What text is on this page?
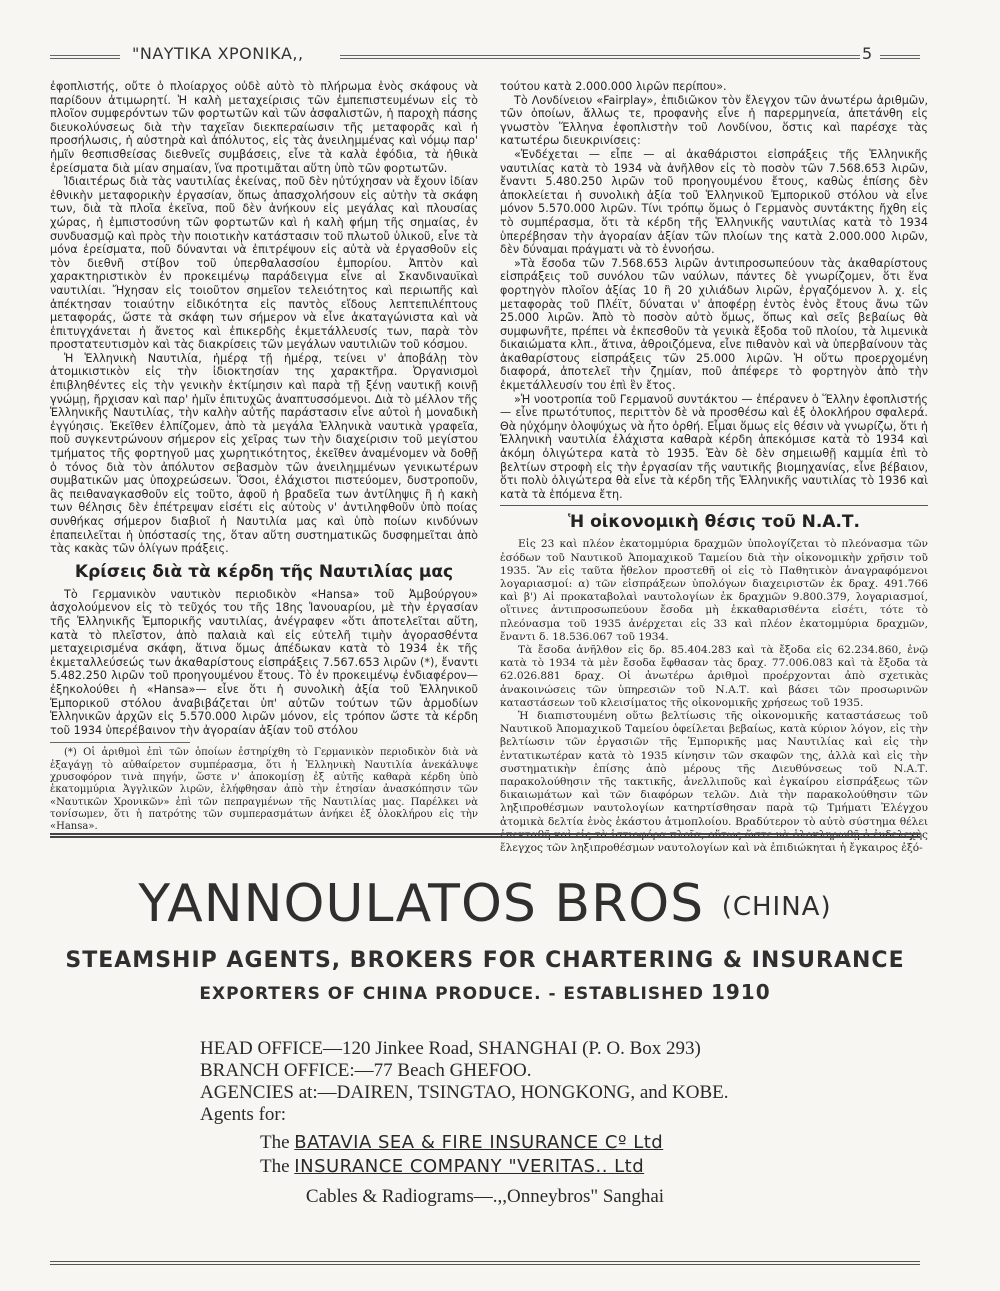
"ΝΑΥΤΙΚΑ ΧΡΟΝΙΚΑ,,	5

ἐφοπλιστής, οὔτε ὁ πλοίαρχος οὐδὲ αὐτὸ τὸ πλήρωμα ἑνὸς σκάφους νὰ παρίδουν ἀτιμωρητί. Ἡ καλὴ μεταχείρισις τῶν ἐμπεπιστευμένων εἰς τὸ πλοῖον συμφερόντων τῶν φορτωτῶν καὶ τῶν ἀσφαλιστῶν, ἡ παροχὴ πάσης διευκολύνσεως διὰ τὴν ταχεῖαν διεκπεραίωσιν τῆς μεταφορᾶς καὶ ἡ προσήλωσις, ἡ αὐστηρὰ καὶ ἀπόλυτος, εἰς τὰς ἀνειλημμένας καὶ νόμῳ παρ' ἡμῖν θεσπισθείσας διεθνεῖς συμβάσεις, εἶνε τὰ καλὰ ἐφόδια, τὰ ἠθικὰ ἐρείσματα διὰ μίαν σημαίαν, ἵνα προτιμᾶται αὕτη ὑπὸ τῶν φορτωτῶν.

Ἰδιαιτέρως διὰ τὰς ναυτιλίας ἐκείνας, ποῦ δὲν ηὐτύχησαν νὰ ἔχουν ἰδίαν ἐθνικὴν μεταφορικὴν ἐργασίαν, ὅπως ἀπασχολήσουν εἰς αὐτὴν τὰ σκάφη των, διὰ τὰ πλοῖα ἐκεῖνα, ποῦ δὲν ἀνήκουν εἰς μεγάλας καὶ πλουσίας χώρας, ἡ ἐμπιστοσύνη τῶν φορτωτῶν καὶ ἡ καλὴ φήμη τῆς σημαίας, ἐν συνδυασμῷ καὶ πρὸς τὴν ποιοτικὴν κατάστασιν τοῦ πλωτοῦ ὑλικοῦ, εἶνε τὰ μόνα ἐρείσματα, ποῦ δύνανται νὰ ἐπιτρέψουν εἰς αὐτὰ νὰ ἐργασθοῦν εἰς τὸν διεθνῆ στίβον τοῦ ὑπερθαλασσίου ἐμπορίου. Ἀπτὸν καὶ χαρακτηριστικὸν ἐν προκειμένῳ παράδειγμα εἶνε αἱ Σκανδιναυϊκαὶ ναυτιλίαι. Ἤχησαν εἰς τοιοῦτον σημεῖον τελειότητος καὶ περιωπῆς καὶ ἀπέκτησαν τοιαύτην εἰδικότητα εἰς παντὸς εἴδους λεπτεπιλέπτους μεταφοράς, ὥστε τὰ σκάφη των σήμερον νὰ εἶνε ἀκαταγώνιστα καὶ νὰ ἐπιτυγχάνεται ἡ ἄνετος καὶ ἐπικερδὴς ἐκμετάλλευσίς των, παρὰ τὸν προστατευτισμὸν καὶ τὰς διακρίσεις τῶν μεγάλων ναυτιλιῶν τοῦ κόσμου.

Ἡ Ἑλληνικὴ Ναυτιλία, ἡμέρᾳ τῇ ἡμέρᾳ, τείνει ν' ἀποβάλῃ τὸν ἀτομικιστικὸν εἰς τὴν ἰδιοκτησίαν της χαρακτῆρα. Ὀργανισμοὶ ἐπιβληθέντες εἰς τὴν γενικὴν ἐκτίμησιν καὶ παρὰ τῇ ξένῃ ναυτικῇ κοινῇ γνώμῃ, ἤρχισαν καὶ παρ' ἡμῖν ἐπιτυχῶς ἀναπτυσσόμενοι. Διὰ τὸ μέλλον τῆς Ἑλληνικῆς Ναυτιλίας, τὴν καλὴν αὐτῆς παράστασιν εἶνε αὐτοὶ ἡ μοναδικὴ ἐγγύησις. Ἐκεῖθεν ἐλπίζομεν, ἀπὸ τὰ μεγάλα Ἑλληνικὰ ναυτικὰ γραφεῖα, ποῦ συγκεντρώνουν σήμερον εἰς χεῖρας των τὴν διαχείρισιν τοῦ μεγίστου τμήματος τῆς φορτηγοῦ μας χωρητικότητος, ἐκεῖθεν ἀναμένομεν νὰ δοθῇ ὁ τόνος διὰ τὸν ἀπόλυτον σεβασμὸν τῶν ἀνειλημμένων γενικωτέρων συμβατικῶν μας ὑποχρεώσεων. Ὅσοι, ἐλάχιστοι πιστεύομεν, δυστροποῦν, ἂς πειθαναγκασθοῦν εἰς τοῦτο, ἀφοῦ ἡ βραδεῖα των ἀντίληψις ἢ ἡ κακὴ των θέλησις δὲν ἐπέτρεψαν εἰσέτι εἰς αὐτοὺς ν' ἀντιληφθοῦν ὑπὸ ποίας συνθήκας σήμερον διαβιοῖ ἡ Ναυτιλία μας καὶ ὑπὸ ποίων κινδύνων ἐπαπειλεῖται ἡ ὑπόστασίς της, ὅταν αὕτη συστηματικῶς δυσφημεῖται ἀπὸ τὰς κακὰς τῶν ὀλίγων πράξεις.

Κρίσεις διὰ τὰ κέρδη τῆς Ναυτιλίας μας

Τὸ Γερμανικὸν ναυτικὸν περιοδικὸν «Hansa» τοῦ Ἀμβούργου» ἀσχολούμενον εἰς τὸ τεῦχός του τῆς 18ης Ἰανουαρίου, μὲ τὴν ἐργασίαν τῆς Ἑλληνικῆς Ἐμπορικῆς ναυτιλίας, ἀνέγραφεν «ὅτι ἀποτελεῖται αὕτη, κατὰ τὸ πλεῖστον, ἀπὸ παλαιὰ καὶ εἰς εὐτελῆ τιμὴν ἀγορασθέντα μεταχειρισμένα σκάφη, ἅτινα ὅμως ἀπέδωκαν κατὰ τὸ 1934 ἐκ τῆς ἐκμεταλλεύσεώς των ἀκαθαρίστους εἰσπράξεις 7.567.653 λιρῶν (*), ἔναντι 5.482.250 λιρῶν τοῦ προηγουμένου ἔτους. Τὸ ἐν προκειμένῳ ἐνδιαφέρον— ἐξηκολούθει ἡ «Hansa»— εἶνε ὅτι ἡ συνολικὴ ἀξία τοῦ Ἑλληνικοῦ Ἐμπορικοῦ στόλου ἀναβιβάζεται ὑπ' αὐτῶν τούτων τῶν ἁρμοδίων Ἑλληνικῶν ἀρχῶν εἰς 5.570.000 λιρῶν μόνον, εἰς τρόπον ὥστε τὰ κέρδη τοῦ 1934 ὑπερέβαινον τὴν ἀγοραίαν ἀξίαν τοῦ στόλου

(*) Οἱ ἀριθμοὶ ἐπὶ τῶν ὁποίων ἐστηρίχθη τὸ Γερμανικὸν περιοδικὸν διὰ νὰ ἐξαγάγῃ τὸ αὐθαίρετον συμπέρασμα, ὅτι ἡ Ἑλληνικὴ Ναυτιλία ἀνεκάλυψε χρυσοφόρον τινὰ πηγήν, ὥστε ν' ἀποκομίσῃ ἐξ αὐτῆς καθαρὰ κέρδη ὑπὸ ἑκατομμύρια Ἀγγλικῶν λιρῶν, ἐλήφθησαν ἀπὸ τὴν ἐτησίαν ἀνασκόπησιν τῶν «Ναυτικῶν Χρονικῶν» ἐπὶ τῶν πεπραγμένων τῆς Ναυτιλίας μας. Παρέλκει νὰ τονίσωμεν, ὅτι ἡ πατρότης τῶν συμπερασμάτων ἀνήκει ἐξ ὁλοκλήρου εἰς τὴν «Hansa».

τούτου κατὰ 2.000.000 λιρῶν περίπου».

Τὸ Λονδίνειον «Fairplay», ἐπιδιῶκον τὸν ἔλεγχον τῶν ἀνωτέρω ἀριθμῶν, τῶν ὁποίων, ἄλλως τε, προφανὴς εἶνε ἡ παρερμηνεία, ἀπετάνθη εἰς γνωστὸν Ἕλληνα ἐφοπλιστὴν τοῦ Λονδίνου, ὅστις καὶ παρέσχε τὰς κατωτέρω διευκρινίσεις:

«Ἐνδέχεται — εἶπε — αἱ ἀκαθάριστοι εἰσπράξεις τῆς Ἑλληνικῆς ναυτιλίας κατὰ τὸ 1934 νὰ ἀνῆλθον εἰς τὸ ποσὸν τῶν 7.568.653 λιρῶν, ἔναντι 5.480.250 λιρῶν τοῦ προηγουμένου ἔτους, καθὼς ἐπίσης δὲν ἀποκλείεται ἡ συνολικὴ ἀξία τοῦ Ἑλληνικοῦ Ἐμπορικοῦ στόλου νὰ εἶνε μόνον 5.570.000 λιρῶν. Τίνι τρόπῳ ὅμως ὁ Γερμανὸς συντάκτης ἤχθη εἰς τὸ συμπέρασμα, ὅτι τὰ κέρδη τῆς Ἑλληνικῆς ναυτιλίας κατὰ τὸ 1934 ὑπερέβησαν τὴν ἀγοραίαν ἀξίαν τῶν πλοίων της κατὰ 2.000.000 λιρῶν, δὲν δύναμαι πράγματι νὰ τὸ ἐννοήσω.

»Τὰ ἔσοδα τῶν 7.568.653 λιρῶν ἀντιπροσωπεύουν τὰς ἀκαθαρίστους εἰσπράξεις τοῦ συνόλου τῶν ναύλων, πάντες δὲ γνωρίζομεν, ὅτι ἕνα φορτηγὸν πλοῖον ἀξίας 10 ἢ 20 χιλιάδων λιρῶν, ἐργαζόμενον λ. χ. εἰς μεταφορὰς τοῦ Πλέϊτ, δύναται ν' ἀποφέρῃ ἐντὸς ἑνὸς ἔτους ἄνω τῶν 25.000 λιρῶν. Ἀπὸ τὸ ποσὸν αὐτὸ ὅμως, ὅπως καὶ σεῖς βεβαίως θὰ συμφωνῆτε, πρέπει νὰ ἐκπεσθοῦν τὰ γενικὰ ἔξοδα τοῦ πλοίου, τὰ λιμενικὰ δικαιώματα κλπ., ἅτινα, ἀθροιζόμενα, εἶνε πιθανὸν καὶ νὰ ὑπερβαίνουν τὰς ἀκαθαρίστους εἰσπράξεις τῶν 25.000 λιρῶν. Ἡ οὕτω προερχομένη διαφορά, ἀποτελεῖ τὴν ζημίαν, ποῦ ἀπέφερε τὸ φορτηγὸν ἀπὸ τὴν ἐκμετάλλευσίν του ἐπὶ ἓν ἔτος.

»Ἡ νοοτροπία τοῦ Γερμανοῦ συντάκτου — ἐπέρανεν ὁ Ἕλλην ἐφοπλιστής— εἶνε πρωτότυπος, περιττὸν δὲ νὰ προσθέσω καὶ ἐξ ὁλοκλήρου σφαλερά. Θὰ ηὐχόμην ὁλοψύχως νὰ ἦτο ὀρθή. Εἶμαι ὅμως εἰς θέσιν νὰ γνωρίζω, ὅτι ἡ Ἑλληνικὴ ναυτιλία ἐλάχιστα καθαρὰ κέρδη ἀπεκόμισε κατὰ τὸ 1934 καὶ ἀκόμη ὀλιγώτερα κατὰ τὸ 1935. Ἐὰν δὲ δὲν σημειωθῇ καμμία ἐπὶ τὸ βελτίων στροφὴ εἰς τὴν ἐργασίαν τῆς ναυτικῆς βιομηχανίας, εἶνε βέβαιον, ὅτι πολὺ ὀλιγώτερα θὰ εἶνε τὰ κέρδη τῆς Ἑλληνικῆς ναυτιλίας τὸ 1936 καὶ κατὰ τὰ ἑπόμενα ἔτη.

Ἡ οἰκονομικὴ θέσις τοῦ Ν.Α.Τ.

Εἰς 23 καὶ πλέον ἑκατομμύρια δραχμῶν ὑπολογίζεται τὸ πλεόνασμα τῶν ἐσόδων τοῦ Ναυτικοῦ Ἀπομαχικοῦ Ταμείου διὰ τὴν οἰκονομικὴν χρῆσιν τοῦ 1935. Ἂν εἰς ταῦτα ἤθελον προστεθῆ οἱ εἰς τὸ Παθητικὸν ἀναγραφόμενοι λογαριασμοί: α) τῶν εἰσπράξεων ὑπολόγων διαχειριστῶν ἐκ δραχ. 491.766 καὶ β') Αἱ προκαταβολαὶ ναυτολογίων ἐκ δραχμῶν 9.800.379, λογαριασμοί, οἵτινες ἀντιπροσωπεύουν ἔσοδα μὴ ἐκκαθαρισθέντα εἰσέτι, τότε τὸ πλεόνασμα τοῦ 1935 ἀνέρχεται εἰς 33 καὶ πλέον ἑκατομμύρια δραχμῶν, ἔναντι δ. 18.536.067 τοῦ 1934.

Τὰ ἔσοδα ἀνῆλθον εἰς δρ. 85.404.283 καὶ τὰ ἔξοδα εἰς 62.234.860, ἐνῷ κατὰ τὸ 1934 τὰ μὲν ἔσοδα ἔφθασαν τὰς δραχ. 77.006.083 καὶ τὰ ἔξοδα τὰ 62.026.881 δραχ. Οἱ ἀνωτέρω ἀριθμοὶ προέρχονται ἀπὸ σχετικὰς ἀνακοινώσεις τῶν ὑπηρεσιῶν τοῦ Ν.Α.Τ. καὶ βάσει τῶν προσωρινῶν καταστάσεων τοῦ κλεισίματος τῆς οἰκονομικῆς χρήσεως τοῦ 1935.

Ἡ διαπιστουμένη οὕτω βελτίωσις τῆς οἰκονομικῆς καταστάσεως τοῦ Ναυτικοῦ Ἀπομαχικοῦ Ταμείου ὀφείλεται βεβαίως, κατὰ κύριον λόγον, εἰς τὴν βελτίωσιν τῶν ἐργασιῶν τῆς Ἐμπορικῆς μας Ναυτιλίας καὶ εἰς τὴν ἐντατικωτέραν κατὰ τὸ 1935 κίνησιν τῶν σκαφῶν της, ἀλλὰ καὶ εἰς τὴν συστηματικὴν ἐπίσης ἀπὸ μέρους τῆς Διευθύνσεως τοῦ Ν.Α.Τ. παρακολούθησιν τῆς τακτικῆς, ἀνελλιποῦς καὶ ἐγκαίρου εἰσπράξεως τῶν δικαιωμάτων καὶ τῶν διαφόρων τελῶν. Διὰ τὴν παρακολούθησιν τῶν ληξιπροθέσμων ναυτολογίων κατηρτίσθησαν παρὰ τῷ Τμήματι Ἐλέγχου ἀτομικὰ δελτία ἑνὸς ἑκάστου ἀτμοπλοίου. Βραδύτερον τὸ αὐτὸ σύστημα θέλει ἐπεκταθῆ καὶ εἰς τὰ ἱστιοφόρα πλοῖα, οὕτως ὥστε νὰ ὁλοκληρωθῇ ὁ ἐνδελεχὴς ἔλεγχος τῶν ληξιπροθέσμων ναυτολογίων καὶ νὰ ἐπιδιώκηται ἡ ἔγκαιρος ἐξό-

YANNOULATOS BROS (CHINA)
STEAMSHIP AGENTS, BROKERS FOR CHARTERING & INSURANCE
EXPORTERS OF CHINA PRODUCE. - ESTABLISHED 1910
HEAD OFFICE—120 Jinkee Road, SHANGHAI (P. O. Box 293)
BRANCH OFFICE:—77 Beach GHEFOO.
AGENCIES at:—DAIREN, TSINGTAO, HONGKONG, and KOBE.
Agents for:
The BATAVIA SEA & FIRE INSURANCE Cº Ltd
The INSURANCE COMPANY "VERITAS.. Ltd
Cables & Radiograms—.,,Onneybros" Sanghai
